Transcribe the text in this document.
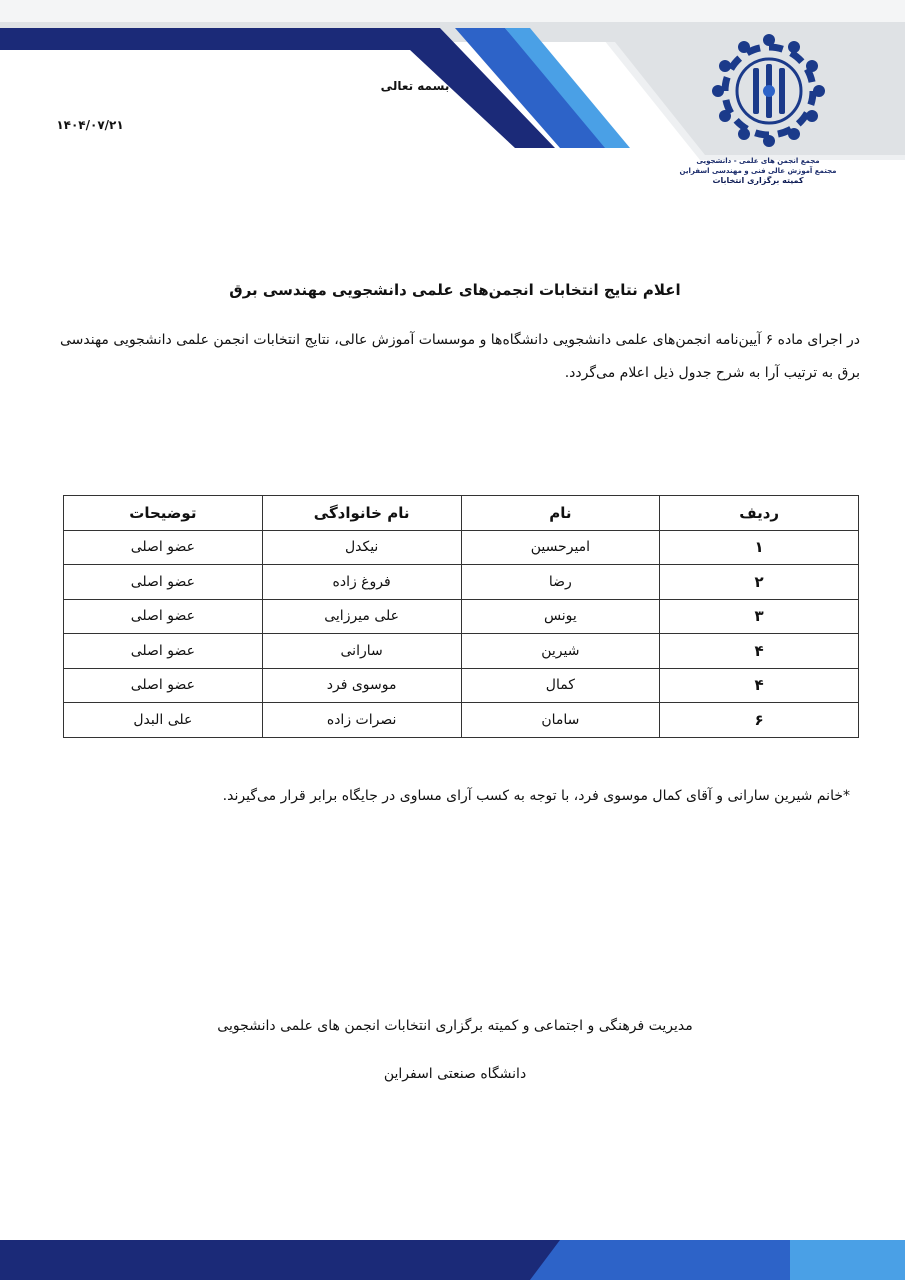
مجمع انجمن های علمی - دانشجویی
مجتمع آموزش عالی فنی و مهندسی اسفراین
کمیته برگزاری انتخابات
بسمه تعالی
۱۴۰۴/۰۷/۲۱
اعلام نتایج انتخابات انجمن‌های علمی دانشجویی مهندسی برق

در اجرای ماده ۶ آیین‌نامه انجمن‌های علمی دانشجویی دانشگاه‌ها و موسسات آموزش عالی، نتایج انتخابات انجمن علمی دانشجویی مهندسی برق به ترتیب آرا به شرح جدول ذیل اعلام می‌گردد.

ردیف	نام	نام خانوادگی	توضیحات
۱	امیرحسین	نیکدل	عضو اصلی
۲	رضا	فروغ زاده	عضو اصلی
۳	یونس	علی میرزایی	عضو اصلی
۴	شیرین	سارانی	عضو اصلی
۴	کمال	موسوی فرد	عضو اصلی
۶	سامان	نصرات زاده	علی البدل

*خانم شیرین سارانی و آقای کمال موسوی فرد، با توجه به کسب آرای مساوی در جایگاه برابر قرار می‌گیرند.

مدیریت فرهنگی و اجتماعی و کمیته برگزاری انتخابات انجمن های علمی دانشجویی
دانشگاه صنعتی اسفراین
